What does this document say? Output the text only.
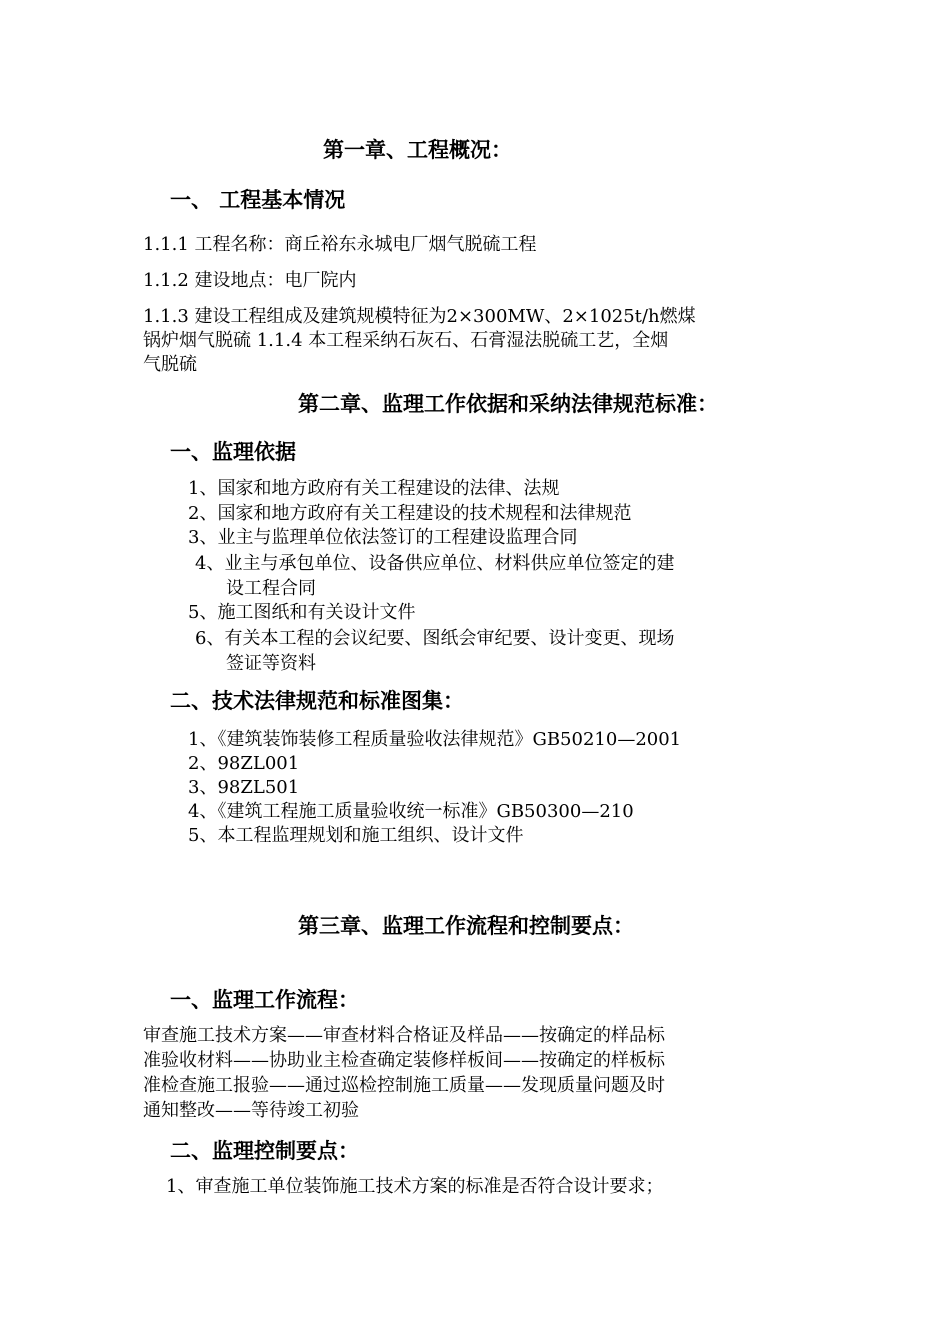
第一章、工程概况：
一、 工程基本情况
1.1.1 工程名称：商丘裕东永城电厂烟气脱硫工程
1.1.2 建设地点：电厂院内
1.1.3 建设工程组成及建筑规模特征为2×300MW、2×1025t/h燃煤
锅炉烟气脱硫 1.1.4 本工程采纳石灰石、石膏湿法脱硫工艺，全烟
气脱硫
第二章、监理工作依据和采纳法律规范标准：
一、监理依据
1、国家和地方政府有关工程建设的法律、法规
2、国家和地方政府有关工程建设的技术规程和法律规范
3、业主与监理单位依法签订的工程建设监理合同
4、业主与承包单位、设备供应单位、材料供应单位签定的建
设工程合同
5、施工图纸和有关设计文件
6、有关本工程的会议纪要、图纸会审纪要、设计变更、现场
签证等资料
二、技术法律规范和标准图集：
1、《建筑装饰装修工程质量验收法律规范》GB50210—2001
2、98ZL001
3、98ZL501
4、《建筑工程施工质量验收统一标准》GB50300—210
5、本工程监理规划和施工组织、设计文件
第三章、监理工作流程和控制要点：
一、监理工作流程：
审查施工技术方案——审查材料合格证及样品——按确定的样品标
准验收材料——协助业主检查确定装修样板间——按确定的样板标
准检查施工报验——通过巡检控制施工质量——发现质量问题及时
通知整改——等待竣工初验
二、监理控制要点：
1、审查施工单位装饰施工技术方案的标准是否符合设计要求；
